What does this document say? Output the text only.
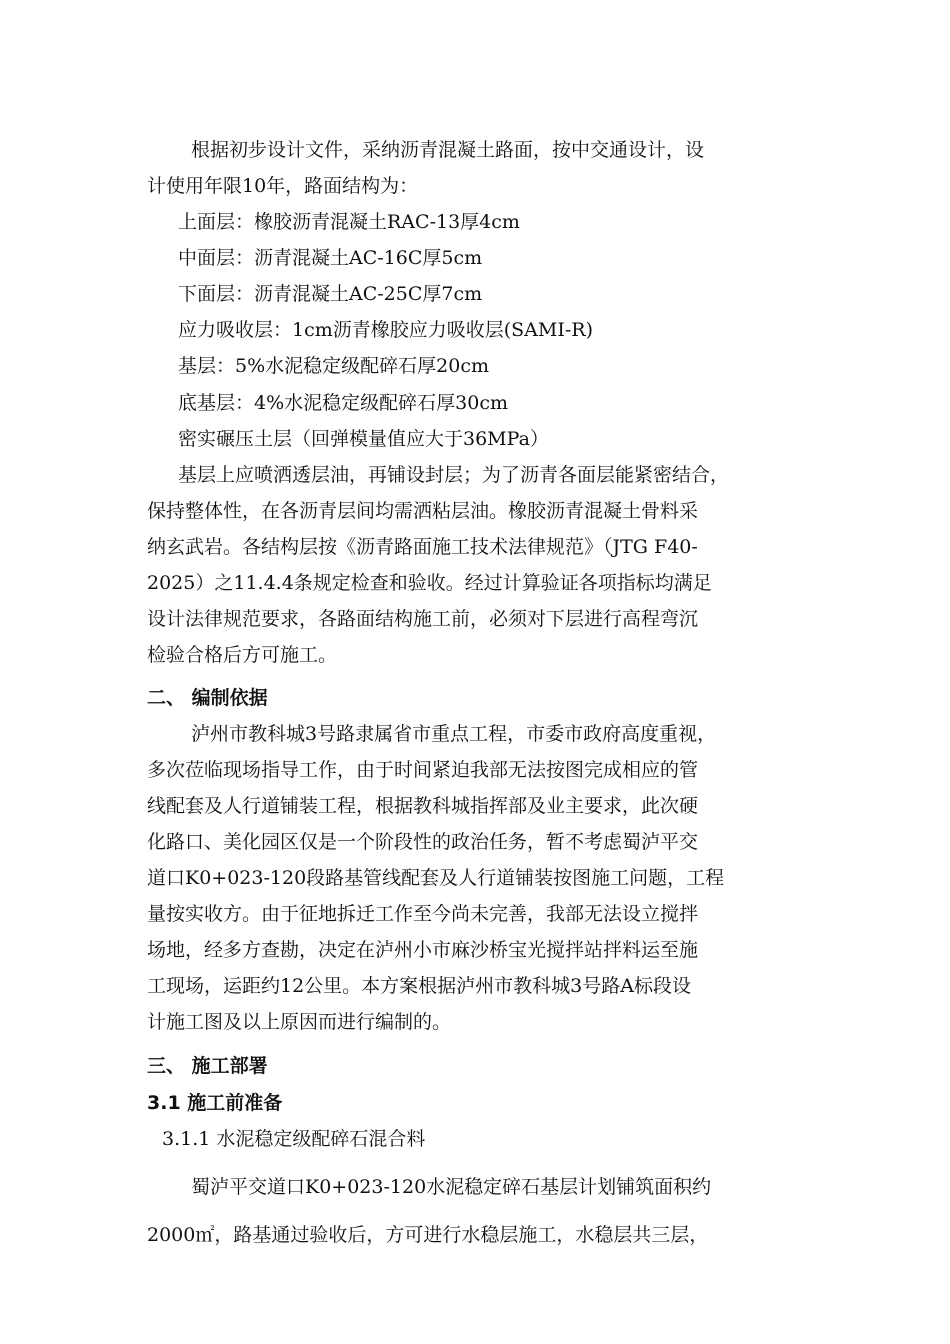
根据初步设计文件，采纳沥青混凝土路面，按中交通设计，设
计使用年限10年，路面结构为：
上面层：橡胶沥青混凝土RAC-13厚4cm
中面层：沥青混凝土AC-16C厚5cm
下面层：沥青混凝土AC-25C厚7cm
应力吸收层：1cm沥青橡胶应力吸收层(SAMI-R)
基层：5%水泥稳定级配碎石厚20cm
底基层：4%水泥稳定级配碎石厚30cm
密实碾压土层（回弹模量值应大于36MPa）
基层上应喷洒透层油，再铺设封层；为了沥青各面层能紧密结合，
保持整体性，在各沥青层间均需洒粘层油。橡胶沥青混凝土骨料采
纳玄武岩。各结构层按《沥青路面施工技术法律规范》（JTG F40-
2025）之11.4.4条规定检查和验收。经过计算验证各项指标均满足
设计法律规范要求，各路面结构施工前，必须对下层进行高程弯沉
检验合格后方可施工。
二、 编制依据
泸州市教科城3号路隶属省市重点工程，市委市政府高度重视，
多次莅临现场指导工作，由于时间紧迫我部无法按图完成相应的管
线配套及人行道铺装工程，根据教科城指挥部及业主要求，此次硬
化路口、美化园区仅是一个阶段性的政治任务，暂不考虑蜀泸平交
道口K0+023-120段路基管线配套及人行道铺装按图施工问题，工程
量按实收方。由于征地拆迁工作至今尚未完善，我部无法设立搅拌
场地，经多方查勘，决定在泸州小市麻沙桥宝光搅拌站拌料运至施
工现场，运距约12公里。本方案根据泸州市教科城3号路A标段设
计施工图及以上原因而进行编制的。
三、 施工部署
3.1 施工前准备
3.1.1 水泥稳定级配碎石混合料
蜀泸平交道口K0+023-120水泥稳定碎石基层计划铺筑面积约
2000㎡，路基通过验收后，方可进行水稳层施工，水稳层共三层，
